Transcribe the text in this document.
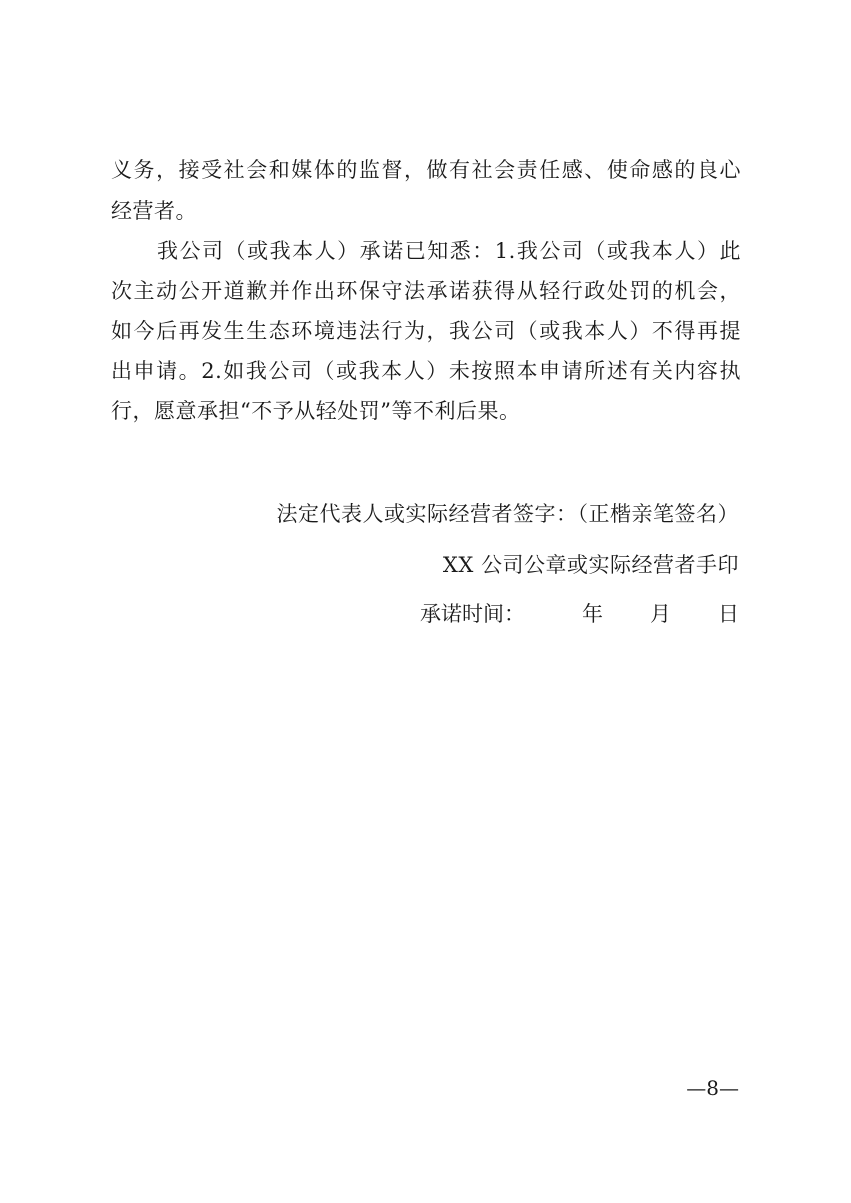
义务，接受社会和媒体的监督，做有社会责任感、使命感的良心
经营者。
我公司（或我本人）承诺已知悉：1.我公司（或我本人）此
次主动公开道歉并作出环保守法承诺获得从轻行政处罚的机会，
如今后再发生生态环境违法行为，我公司（或我本人）不得再提
出申请。2.如我公司（或我本人）未按照本申请所述有关内容执
行，愿意承担“不予从轻处罚”等不利后果。
法定代表人或实际经营者签字：（正楷亲笔签名）
XX 公司公章或实际经营者手印
承诺时间：	年 月 日
—8—
